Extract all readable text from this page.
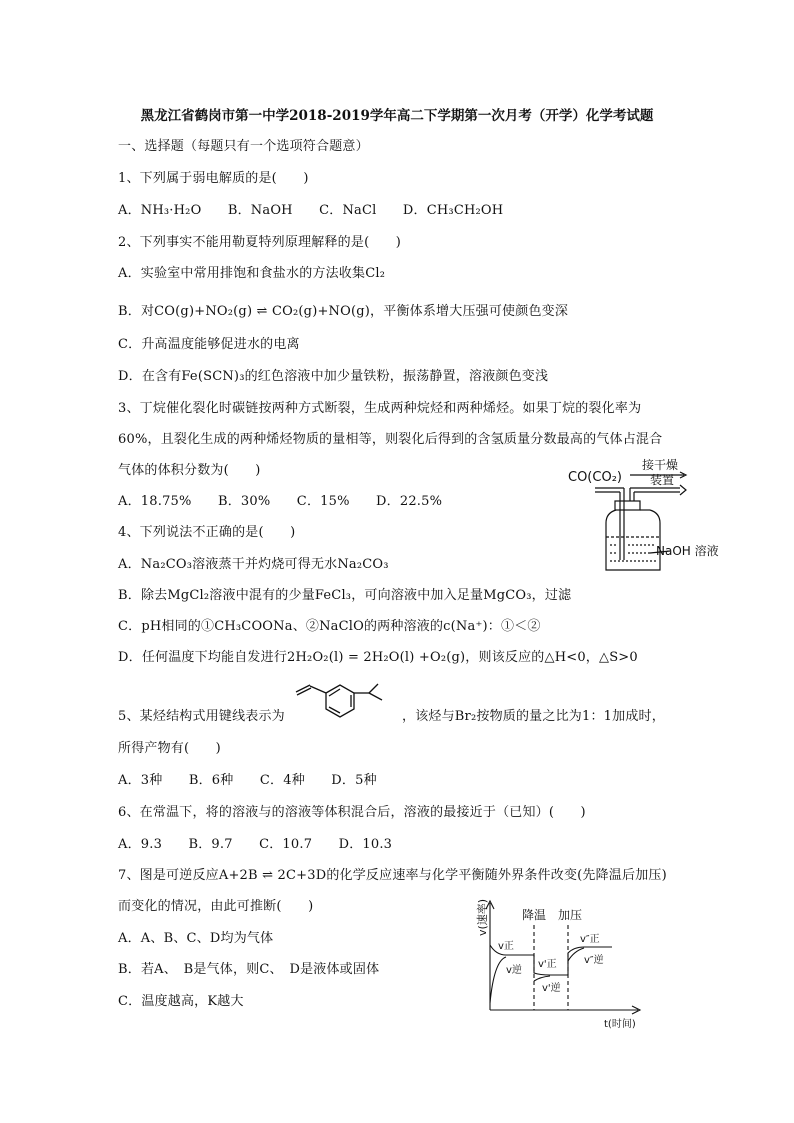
黑龙江省鹤岗市第一中学2018-2019学年高二下学期第一次月考（开学）化学考试题
一、选择题（每题只有一个选项符合题意）
1、下列属于弱电解质的是(　　)
A．NH₃·H₂O　　B．NaOH　　C．NaCl　　D．CH₃CH₂OH
2、下列事实不能用勒夏特列原理解释的是(　　)
A．实验室中常用排饱和食盐水的方法收集Cl₂
B．对CO(g)+NO₂(g) ⇌ CO₂(g)+NO(g)，平衡体系增大压强可使颜色变深
C．升高温度能够促进水的电离
D．在含有Fe(SCN)₃的红色溶液中加少量铁粉，振荡静置，溶液颜色变浅
3、丁烷催化裂化时碳链按两种方式断裂，生成两种烷烃和两种烯烃。如果丁烷的裂化率为
60%，且裂化生成的两种烯烃物质的量相等，则裂化后得到的含氢质量分数最高的气体占混合
气体的体积分数为(　　)
A．18.75%　　B．30%　　C．15%　　D．22.5%
4、下列说法不正确的是(　　)
A．Na₂CO₃溶液蒸干并灼烧可得无水Na₂CO₃
B．除去MgCl₂溶液中混有的少量FeCl₃，可向溶液中加入足量MgCO₃，过滤
C．pH相同的①CH₃COONa、②NaClO的两种溶液的c(Na⁺)：①＜②
D．任何温度下均能自发进行2H₂O₂(l) = 2H₂O(l) +O₂(g)，则该反应的△H<0，△S>0
5、某烃结构式用键线表示为	，该烃与Br₂按物质的量之比为1：1加成时，
所得产物有(　　)
A．3种　　B．6种　　C．4种　　D．5种
6、在常温下，将的溶液与的溶液等体积混合后，溶液的最接近于（已知）(　　)
A．9.3　　B．9.7　　C．10.7　　D．10.3
7、图是可逆反应A+2B ⇌ 2C+3D的化学反应速率与化学平衡随外界条件改变(先降温后加压)
而变化的情况，由此可推断(　　)
A．A、B、C、D均为气体
B．若A、　B是气体，则C、　D是液体或固体
C．温度越高，K越大
CO(CO₂)
接干燥
装置
NaOH 溶液
v(速率)
t(时间)
降温 加压
v正
v逆
v'正
v'逆
v″正
v″逆
